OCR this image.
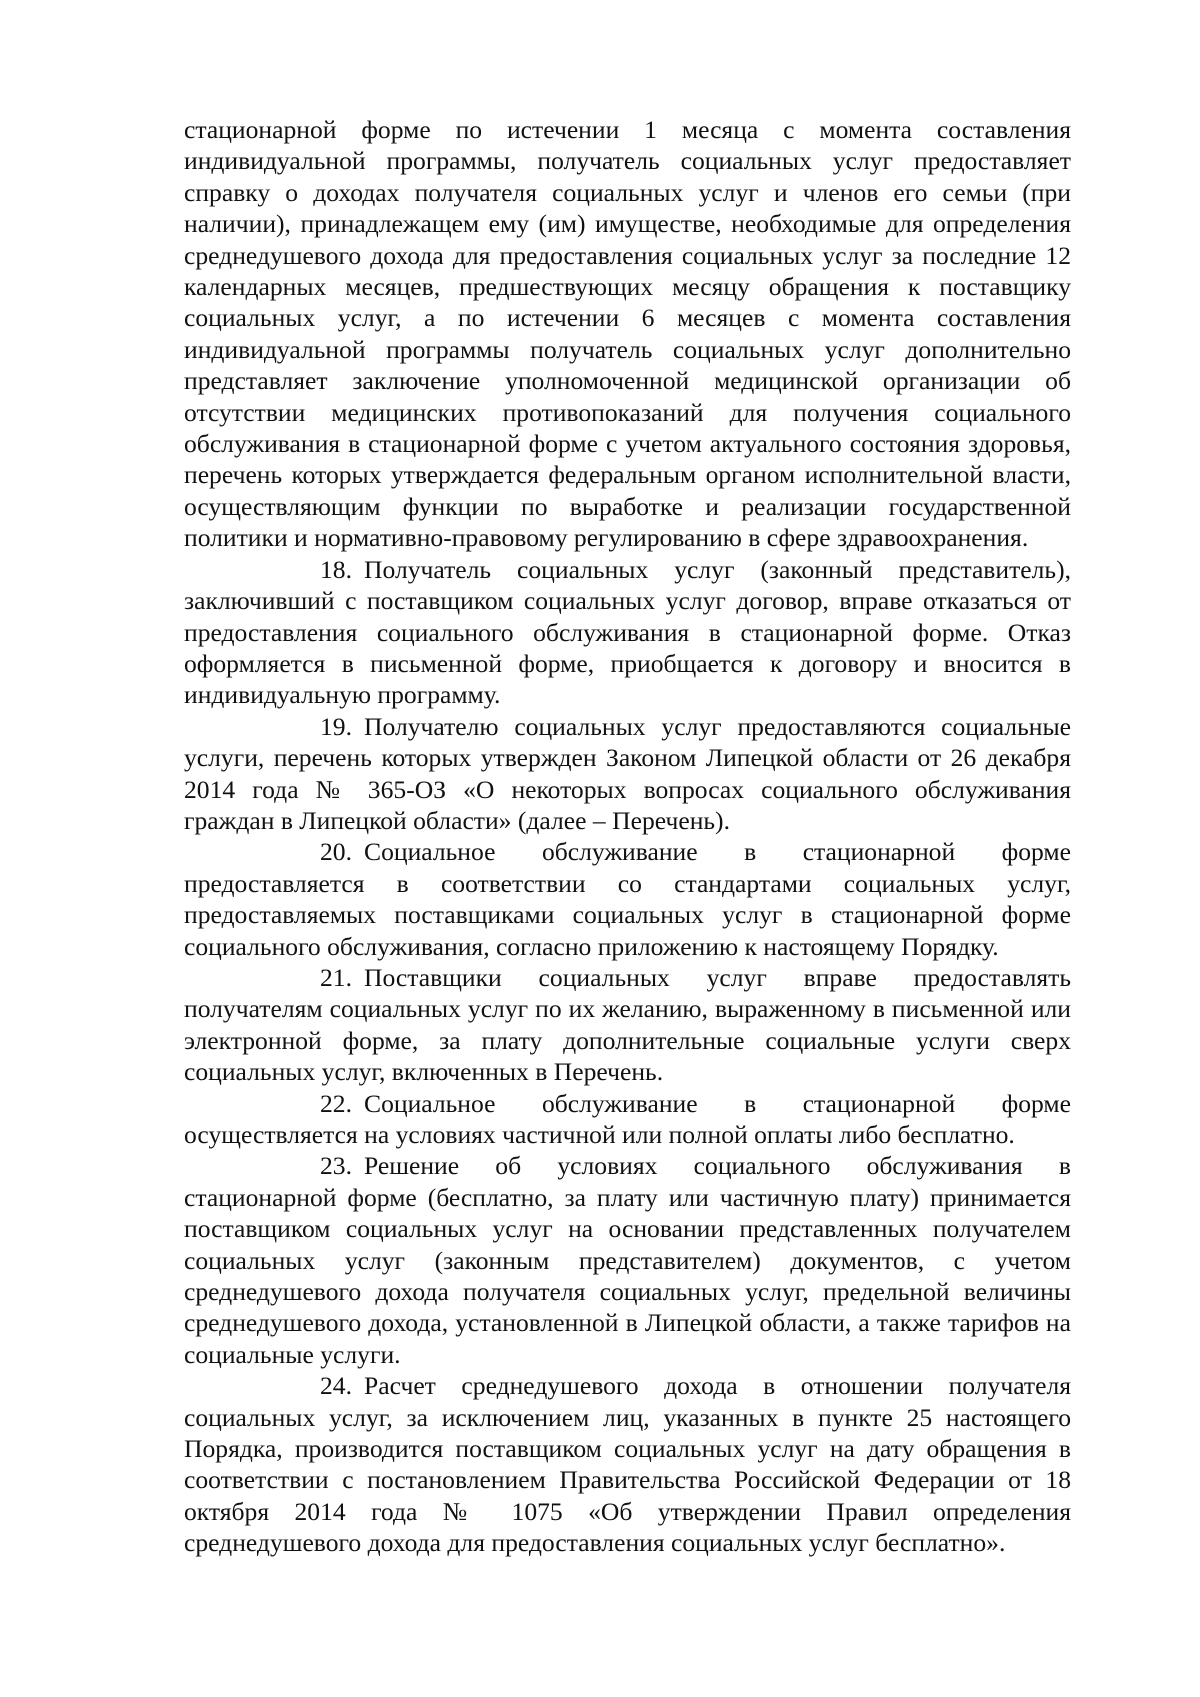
стационарной форме по истечении 1 месяца с момента составления индивидуальной программы, получатель социальных услуг предоставляет справку о доходах получателя социальных услуг и членов его семьи (при наличии), принадлежащем ему (им) имуществе, необходимые для определения среднедушевого дохода для предоставления социальных услуг за последние 12 календарных месяцев, предшествующих месяцу обращения к поставщику социальных услуг, а по истечении 6 месяцев с момента составления индивидуальной программы получатель социальных услуг дополнительно представляет заключение уполномоченной медицинской организации об отсутствии медицинских противопоказаний для получения социального обслуживания в стационарной форме с учетом актуального состояния здоровья, перечень которых утверждается федеральным органом исполнительной власти, осуществляющим функции по выработке и реализации государственной политики и нормативно-правовому регулированию в сфере здравоохранения.

18. Получатель социальных услуг (законный представитель), заключивший с поставщиком социальных услуг договор, вправе отказаться от предоставления социального обслуживания в стационарной форме. Отказ оформляется в письменной форме, приобщается к договору и вносится в индивидуальную программу.

19. Получателю социальных услуг предоставляются социальные услуги, перечень которых утвержден Законом Липецкой области от 26 декабря 2014 года № 365-ОЗ «О некоторых вопросах социального обслуживания граждан в Липецкой области» (далее – Перечень).

20. Социальное обслуживание в стационарной форме предоставляется в соответствии со стандартами социальных услуг, предоставляемых поставщиками социальных услуг в стационарной форме социального обслуживания, согласно приложению к настоящему Порядку.

21. Поставщики социальных услуг вправе предоставлять получателям социальных услуг по их желанию, выраженному в письменной или электронной форме, за плату дополнительные социальные услуги сверх социальных услуг, включенных в Перечень.

22. Социальное обслуживание в стационарной форме осуществляется на условиях частичной или полной оплаты либо бесплатно.

23. Решение об условиях социального обслуживания в стационарной форме (бесплатно, за плату или частичную плату) принимается поставщиком социальных услуг на основании представленных получателем социальных услуг (законным представителем) документов, с учетом среднедушевого дохода получателя социальных услуг, предельной величины среднедушевого дохода, установленной в Липецкой области, а также тарифов на социальные услуги.

24. Расчет среднедушевого дохода в отношении получателя социальных услуг, за исключением лиц, указанных в пункте 25 настоящего Порядка, производится поставщиком социальных услуг на дату обращения в соответствии с постановлением Правительства Российской Федерации от 18 октября 2014 года № 1075 «Об утверждении Правил определения среднедушевого дохода для предоставления социальных услуг бесплатно».
